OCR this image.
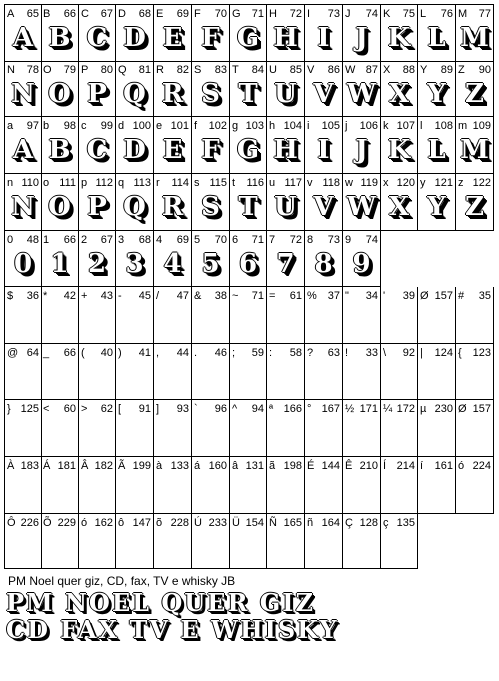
A 65
A
B 66
B
C 67
C
D 68
D
E 69
E
F 70
F
G 71
G
H 72
H
I 73
I
J 74
J
K 75
K
L 76
L
M 77
M
N 78
N
O 79
O
P 80
P
Q 81
Q
R 82
R
S 83
S
T 84
T
U 85
U
V 86
V
W 87
W
X 88
X
Y 89
Y
Z 90
Z
a 97
A
b 98
B
c 99
C
d 100
D
e 101
E
f 102
F
g 103
G
h 104
H
i 105
I
j 106
J
k 107
K
l 108
L
m 109
M
n 110
N
o 111
O
p 112
P
q 113
Q
r 114
R
s 115
S
t 116
T
u 117
U
v 118
V
w 119
W
x 120
X
y 121
Y
z 122
Z
0 48
0
1 66
1
2 67
2
3 68
3
4 69
4
5 70
5
6 71
6
7 72
7
8 73
8
9 74
9
$ 36 * 42 + 43 - 45 / 47 & 38 ~ 71 = 61 % 37 " 34 ' 39 Ø 157 # 35
@ 64 _ 66 ( 40 ) 41 , 44 . 46 ; 59 : 58 ? 63 ! 33 \ 92 | 124 { 123
} 125 < 60 > 62 [ 91 ] 93 ` 96 ^ 94 ª 166 ° 167 ½ 171 ¼ 172 µ 230 Ø 157
À 183 Á 181 Â 182 Ã 199 à 133 á 160 â 131 ã 198 É 144 Ê 210 Í 214 í 161 ó 224
Ô 226 Õ 229 ó 162 ô 147 õ 228 Ú 233 Ü 154 Ñ 165 ñ 164 Ç 128 ç 135
PM Noel quer giz, CD, fax, TV e whisky JB
PM NOEL QUER GIZ
CD FAX TV E WHISKY
